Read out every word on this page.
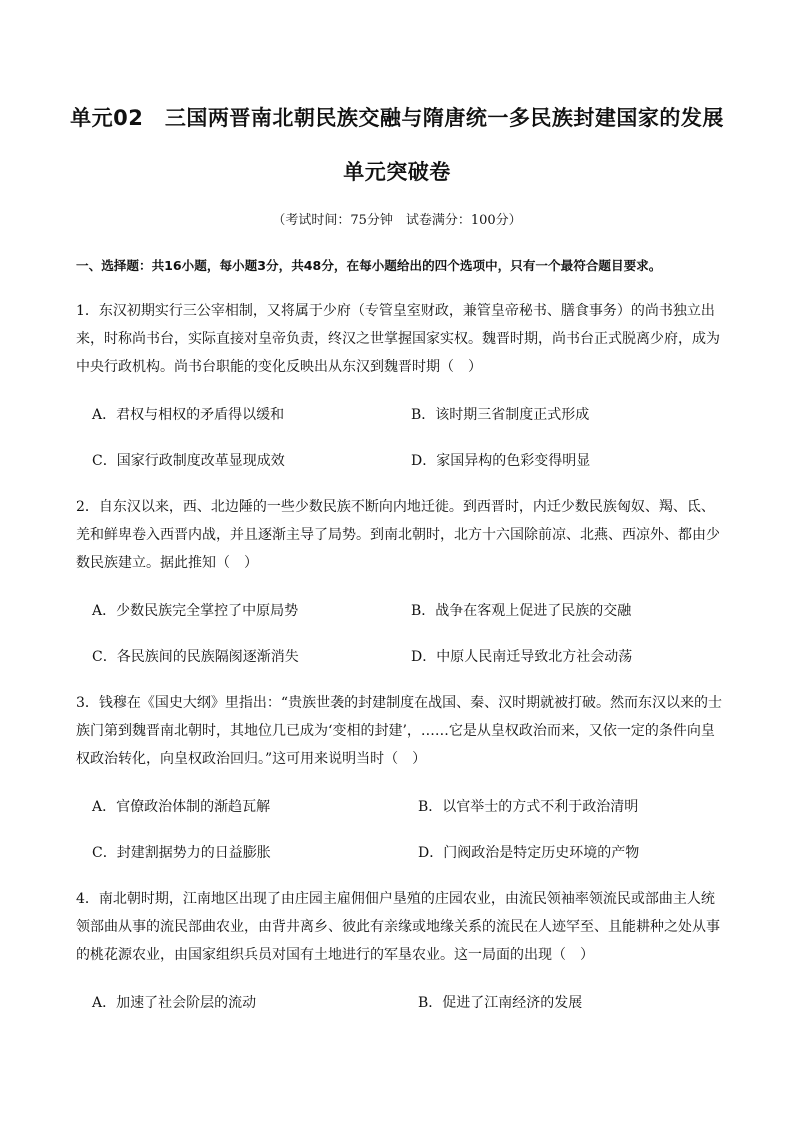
单元02　三国两晋南北朝民族交融与隋唐统一多民族封建国家的发展
单元突破卷
（考试时间：75分钟　试卷满分：100分）
一、选择题：共16小题，每小题3分，共48分，在每小题给出的四个选项中，只有一个最符合题目要求。

1．东汉初期实行三公宰相制，又将属于少府（专管皇室财政，兼管皇帝秘书、膳食事务）的尚书独立出来，时称尚书台，实际直接对皇帝负责，终汉之世掌握国家实权。魏晋时期，尚书台正式脱离少府，成为中央行政机构。尚书台职能的变化反映出从东汉到魏晋时期（　）

A．君权与相权的矛盾得以缓和	B．该时期三省制度正式形成
C．国家行政制度改革显现成效	D．家国异构的色彩变得明显

2．自东汉以来，西、北边陲的一些少数民族不断向内地迁徙。到西晋时，内迁少数民族匈奴、羯、氐、羌和鲜卑卷入西晋内战，并且逐渐主导了局势。到南北朝时，北方十六国除前凉、北燕、西凉外、都由少数民族建立。据此推知（　）

A．少数民族完全掌控了中原局势	B．战争在客观上促进了民族的交融
C．各民族间的民族隔阂逐渐消失	D．中原人民南迁导致北方社会动荡

3．钱穆在《国史大纲》里指出：“贵族世袭的封建制度在战国、秦、汉时期就被打破。然而东汉以来的士族门第到魏晋南北朝时，其地位几已成为‘变相的封建’，……它是从皇权政治而来，又依一定的条件向皇权政治转化，向皇权政治回归。”这可用来说明当时（　）

A．官僚政治体制的渐趋瓦解	B．以官举士的方式不利于政治清明
C．封建割据势力的日益膨胀	D．门阀政治是特定历史环境的产物

4．南北朝时期，江南地区出现了由庄园主雇佣佃户垦殖的庄园农业，由流民领袖率领流民或部曲主人统领部曲从事的流民部曲农业，由背井离乡、彼此有亲缘或地缘关系的流民在人迹罕至、且能耕种之处从事的桃花源农业，由国家组织兵员对国有土地进行的军垦农业。这一局面的出现（　）

A．加速了社会阶层的流动	B．促进了江南经济的发展
